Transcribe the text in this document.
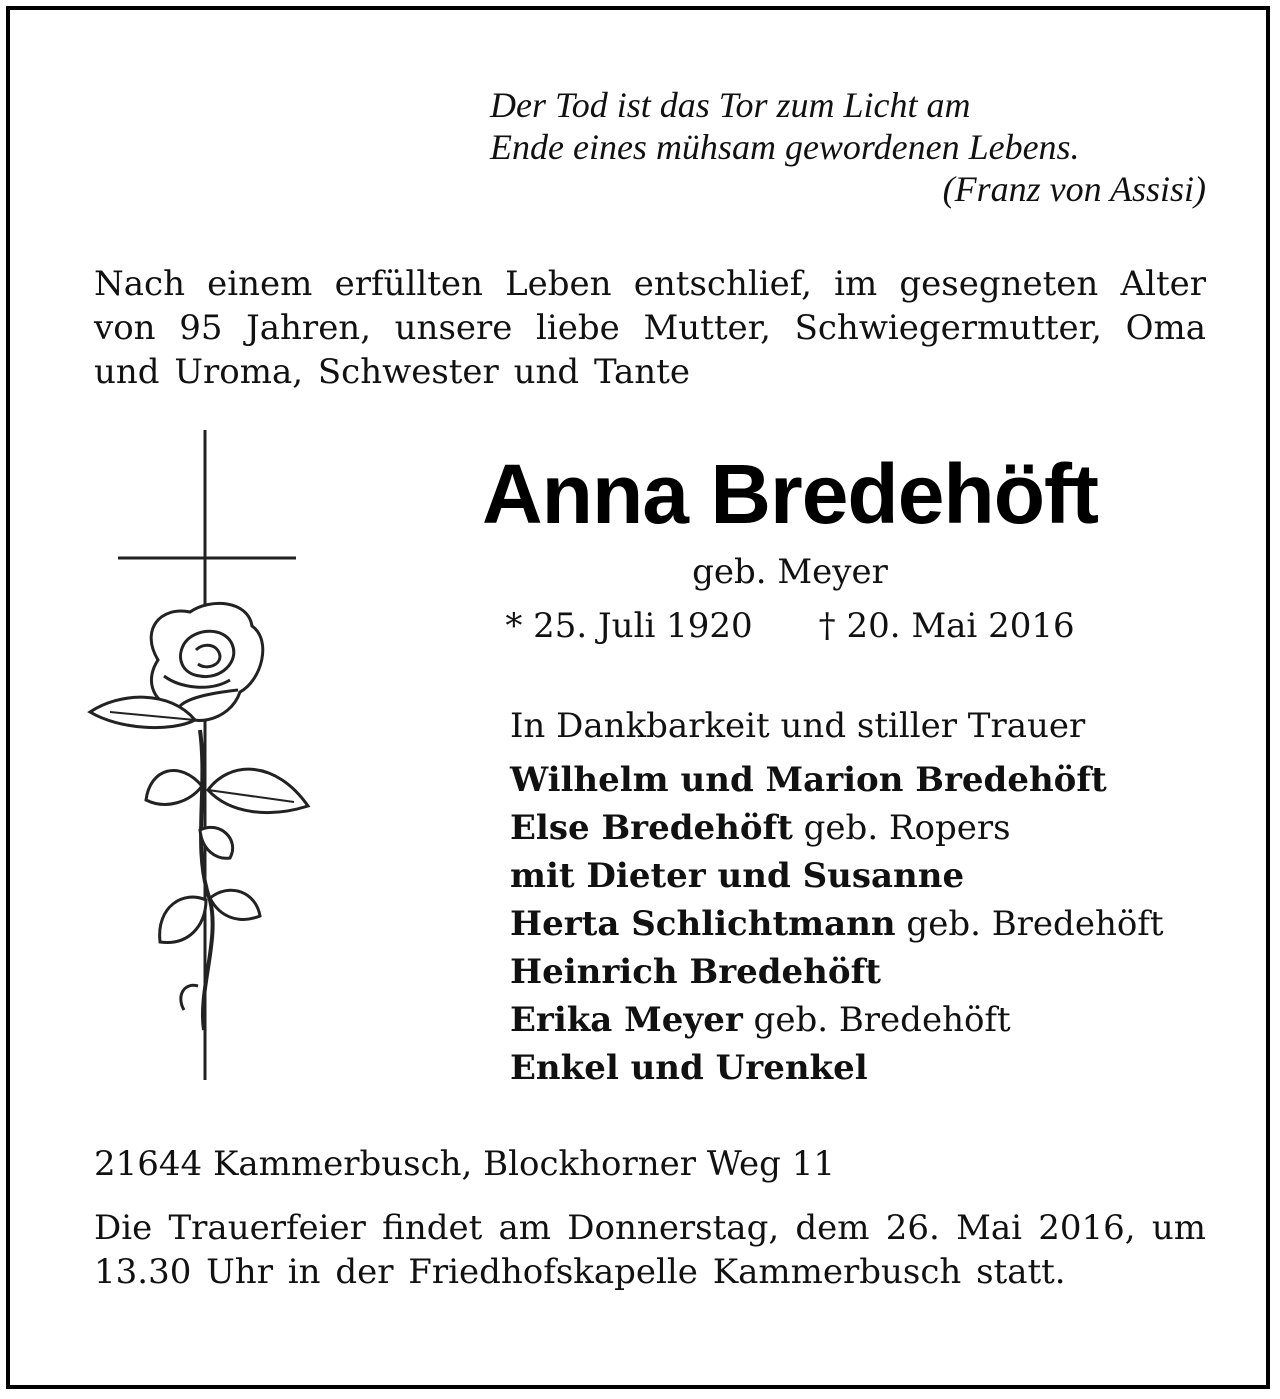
Der Tod ist das Tor zum Licht am
Ende eines mühsam gewordenen Lebens.
(Franz von Assisi)
Nach einem erfüllten Leben entschlief, im gesegneten Alter von 95 Jahren, unsere liebe Mutter, Schwiegermutter, Oma und Uroma, Schwester und Tante
Anna Bredehöft
geb. Meyer
* 25. Juli 1920 † 20. Mai 2016
In Dankbarkeit und stiller Trauer
Wilhelm und Marion Bredehöft
Else Bredehöft geb. Ropers
mit Dieter und Susanne
Herta Schlichtmann geb. Bredehöft
Heinrich Bredehöft
Erika Meyer geb. Bredehöft
Enkel und Urenkel
21644 Kammerbusch, Blockhorner Weg 11
Die Trauerfeier findet am Donnerstag, dem 26. Mai 2016, um 13.30 Uhr in der Friedhofskapelle Kammerbusch statt.
